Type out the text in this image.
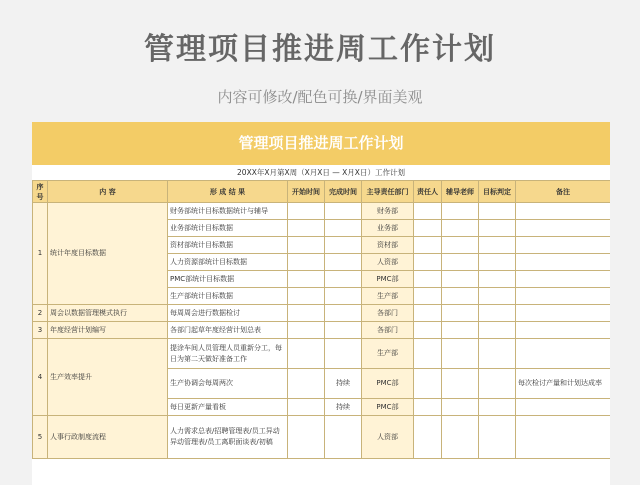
管理项目推进周工作计划
内容可修改/配色可换/界面美观
管理项目推进周工作计划
20XX年X月第X周（X月X日 — X月X日）工作计划
序号	内 容	形 成 结 果	开始时间	完成时间	主导责任部门	责任人	辅导老师	目标判定	备注
1	统计年度目标数据	财务部统计目标数据统计与辅导			财务部				
		业务部统计目标数据			业务部				
		资材部统计目标数据			资材部				
		人力资源部统计目标数据			人资部				
		PMC部统计目标数据			PMC部				
		生产部统计目标数据			生产部				
2	周会以数据管理模式执行	每周周会进行数据检讨			各部门				
3	年度经营计划编写	各部门起草年度经营计划总表			各部门				
4	生产效率提升	提涂车间人员管理人员重新分工，每日为第二天做好准备工作			生产部				
		生产协调会每周两次		持续	PMC部				每次检讨产量和计划达成率
		每日更新产量看板		持续	PMC部				
5	人事行政制度流程	人力需求总表/招聘管理表/员工异动异动管理表/员工离职面谈表/初稿			人资部				
